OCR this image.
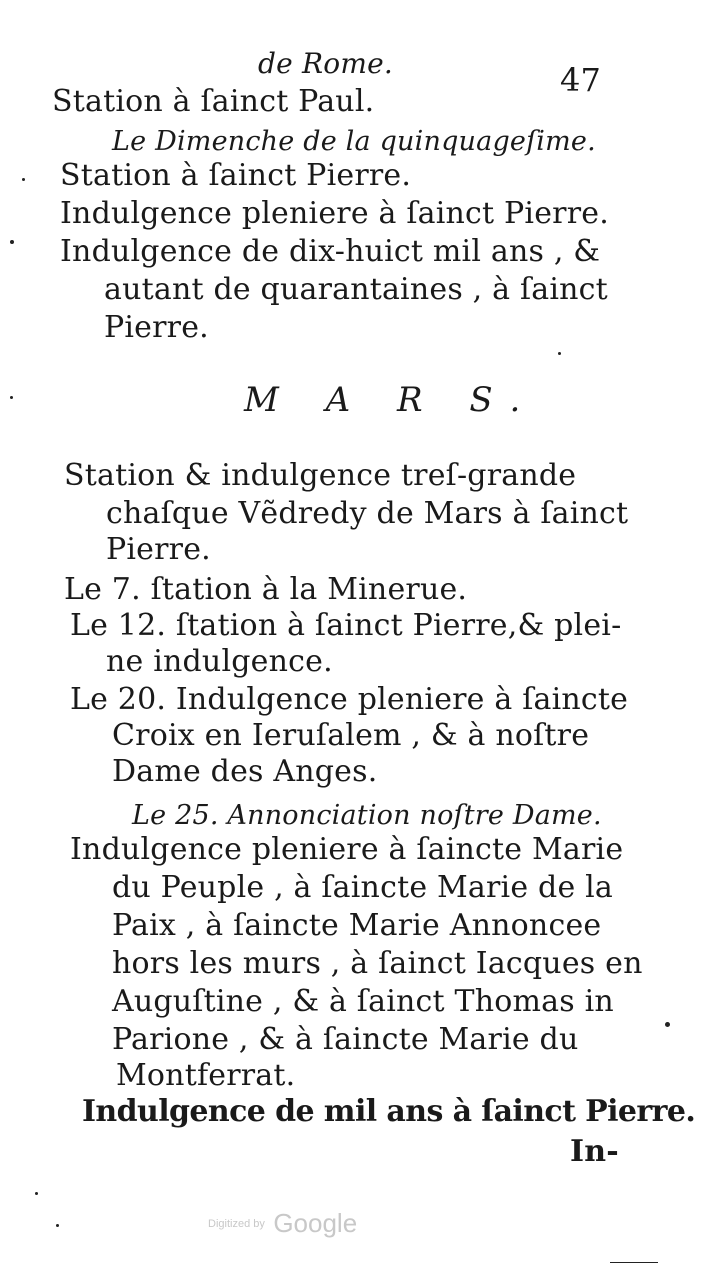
de Rome.	47
Station à ſainct Paul.
Le Dimenche de la quinquageſime.
Station à ſainct Pierre.
Indulgence pleniere à ſainct Pierre.
Indulgence de dix-huict mil ans , &
autant de quarantaines , à ſainct
Pierre.
M A R S.
Station & indulgence treſ-grande
chaſque Vẽdredy de Mars à ſainct
Pierre.
Le 7. ſtation à la Minerue.
Le 12. ſtation à ſainct Pierre,& plei-
ne indulgence.
Le 20. Indulgence pleniere à ſaincte
Croix en Ieruſalem , & à noſtre
Dame des Anges.
Le 25. Annonciation noſtre Dame.
Indulgence pleniere à ſaincte Marie
du Peuple , à ſaincte Marie de la
Paix , à ſaincte Marie Annoncee
hors les murs , à ſainct Iacques en
Auguſtine , & à ſainct Thomas in
Parione , & à ſaincte Marie du
Montferrat.
Indulgence de mil ans à ſainct Pierre.
In-
Digitized by Google
